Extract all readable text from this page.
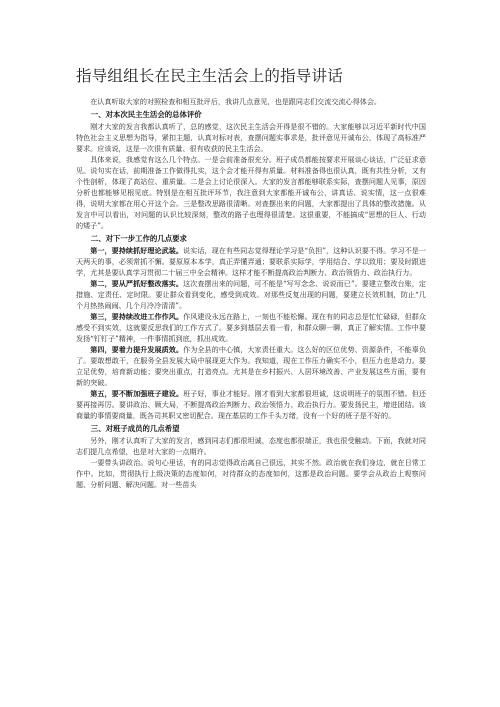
指导组组长在民主生活会上的指导讲话

在认真听取大家的对照检查和相互批评后，我讲几点意见，也是跟同志们交流交流心得体会。

一、对本次民主生活会的总体评价

刚才大家的发言我都认真听了，总的感觉，这次民主生活会开得是很不错的。大家能够以习近平新时代中国特色社会主义思想为指导，紧扣主题，认真对标对表，查摆问题实事求是，批评意见开诚布公，体现了高标准严要求。应该说，这是一次很有质量、很有收获的民主生活会。

具体来说，我感觉有这么几个特点。一是会前准备很充分。班子成员都能按要求开展谈心谈话，广泛征求意见。说句实在话，前期准备工作做得扎实，这个会才能开得有质量。材料准备得也很认真，既有共性分析，又有个性剖析，体现了高站位、重质量。二是会上讨论很深入。大家的发言都能够联系实际，查摆问题人见事，原因分析也都能够见根见底。特别是在相互批评环节，我注意到大家都能开诚布公，讲真话、说实情，这一点很难得，说明大家都在用心开这个会。三是整改思路很清晰。对查摆出来的问题，大家都提出了具体的整改措施。从发言中可以看出，对问题的认识比较深刻，整改的路子也理得很清楚。这很重要，不能搞成“思想的巨人、行动的矮子”。

二、对下一步工作的几点要求

第一，要持续抓好理论武装。说实话，现在有些同志觉得理论学习是“负担”，这种认识要不得。学习不是一天两天的事，必须常抓不懈。要原原本本学，真正弄懂弄通；要联系实际学，学用结合、学以致用；要及时跟进学，尤其是要认真学习贯彻二十届三中全会精神。这样才能不断提高政治判断力、政治领悟力、政治执行力。

第二，要从严抓好整改落实。这次查摆出来的问题，可不能是“写写念念、说说而已”。要建立整改台账，定措施、定责任、定时限。要让群众看到变化，感受到成效。对那些反复出现的问题，要建立长效机制，防止“几个月热热闹闹、几个月冷冷清清”。

第三，要持续改进工作作风。作风建设永远在路上，一刻也不能松懈。现在有的同志总是忙忙碌碌，但群众感受不到实效，这就要反思我们的工作方式了。要多到基层去看一看，和群众聊一聊，真正了解实情。工作中要发扬“钉钉子”精神，一件事情抓到底，抓出成效。

第四，要着力提升发展质效。作为全县的中心镇，大家责任重大。这么好的区位优势、资源条件，不能辜负了。要敢想敢干，在服务全县发展大局中展现更大作为。我知道，现在工作压力确实不小，但压力也是动力。要立足优势，培育新动能；要突出重点，打造亮点。尤其是在乡村振兴、人居环境改善、产业发展这些方面，要有新的突破。

第五，要不断加强班子建设。班子好，事业才能好。刚才看到大家都很坦诚，这说明班子的氛围不错。但还要再接再厉。要讲政治、顾大局，不断提高政治判断力、政治领悟力、政治执行力。要发扬民主，增进团结。该商量的事情要商量，既各司其职又密切配合。现在基层的工作千头万绪，没有一个好的班子是不好的。

三、对班子成员的几点希望

另外，刚才认真听了大家的发言，感到同志们都很坦诚，态度也都很端正，我也很受触动。下面，我就对同志们提几点希望，也是对大家的一点期许。

一要带头讲政治。说句心里话，有的同志觉得政治离自己很远，其实不然。政治就在我们身边，就在日常工作中。比如，贯彻执行上级决策的态度如何，对待群众的态度如何，这都是政治问题。要学会从政治上观察问题、分析问题、解决问题。对一些苗头
